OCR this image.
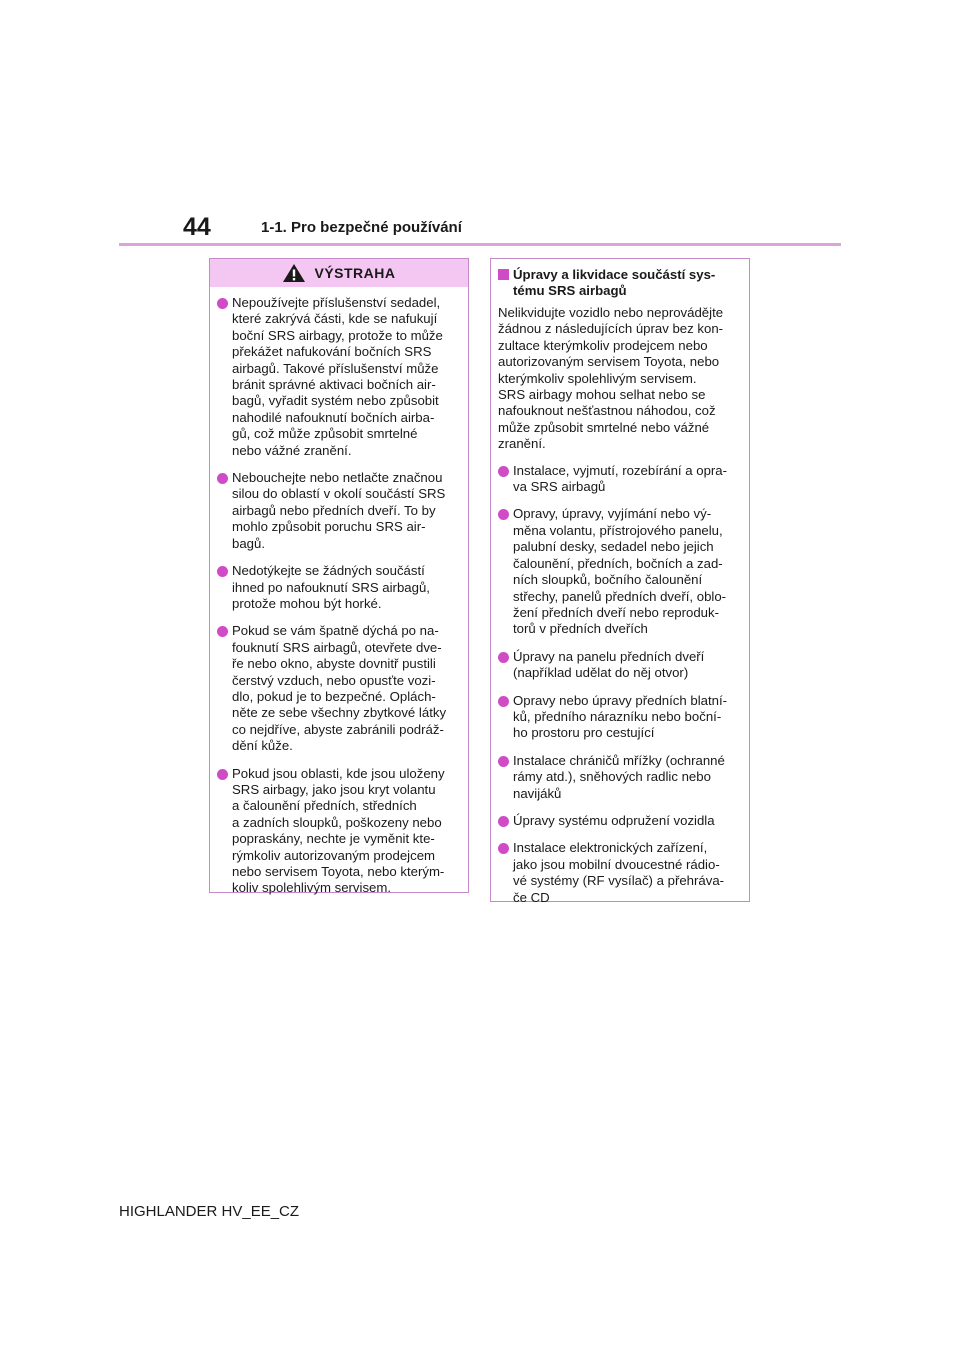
44	1-1. Pro bezpečné používání
VÝSTRAHA
Nepoužívejte příslušenství sedadel,
které zakrývá části, kde se nafukují
boční SRS airbagy, protože to může
překážet nafukování bočních SRS
airbagů. Takové příslušenství může
bránit správné aktivaci bočních air-
bagů, vyřadit systém nebo způsobit
nahodilé nafouknutí bočních airba-
gů, což může způsobit smrtelné
nebo vážné zranění.
Nebouchejte nebo netlačte značnou
silou do oblastí v okolí součástí SRS
airbagů nebo předních dveří. To by
mohlo způsobit poruchu SRS air-
bagů.
Nedotýkejte se žádných součástí
ihned po nafouknutí SRS airbagů,
protože mohou být horké.
Pokud se vám špatně dýchá po na-
fouknutí SRS airbagů, otevřete dve-
ře nebo okno, abyste dovnitř pustili
čerstvý vzduch, nebo opusťte vozi-
dlo, pokud je to bezpečné. Oplách-
něte ze sebe všechny zbytkové látky
co nejdříve, abyste zabránili podráž-
dění kůže.
Pokud jsou oblasti, kde jsou uloženy
SRS airbagy, jako jsou kryt volantu
a čalounění předních, středních
a zadních sloupků, poškozeny nebo
popraskány, nechte je vyměnit kte-
rýmkoliv autorizovaným prodejcem
nebo servisem Toyota, nebo kterým-
koliv spolehlivým servisem.
Úpravy a likvidace součástí sys-
tému SRS airbagů
Nelikvidujte vozidlo nebo neprovádějte
žádnou z následujících úprav bez kon-
zultace kterýmkoliv prodejcem nebo
autorizovaným servisem Toyota, nebo
kterýmkoliv spolehlivým servisem.
SRS airbagy mohou selhat nebo se
nafouknout nešťastnou náhodou, což
může způsobit smrtelné nebo vážné
zranění.
Instalace, vyjmutí, rozebírání a opra-
va SRS airbagů
Opravy, úpravy, vyjímání nebo vý-
měna volantu, přístrojového panelu,
palubní desky, sedadel nebo jejich
čalounění, předních, bočních a zad-
ních sloupků, bočního čalounění
střechy, panelů předních dveří, oblo-
žení předních dveří nebo reproduk-
torů v předních dveřích
Úpravy na panelu předních dveří
(například udělat do něj otvor)
Opravy nebo úpravy předních blatní-
ků, předního nárazníku nebo boční-
ho prostoru pro cestující
Instalace chráničů mřížky (ochranné
rámy atd.), sněhových radlic nebo
navijáků
Úpravy systému odpružení vozidla
Instalace elektronických zařízení,
jako jsou mobilní dvoucestné rádio-
vé systémy (RF vysílač) a přehráva-
če CD
HIGHLANDER HV_EE_CZ
